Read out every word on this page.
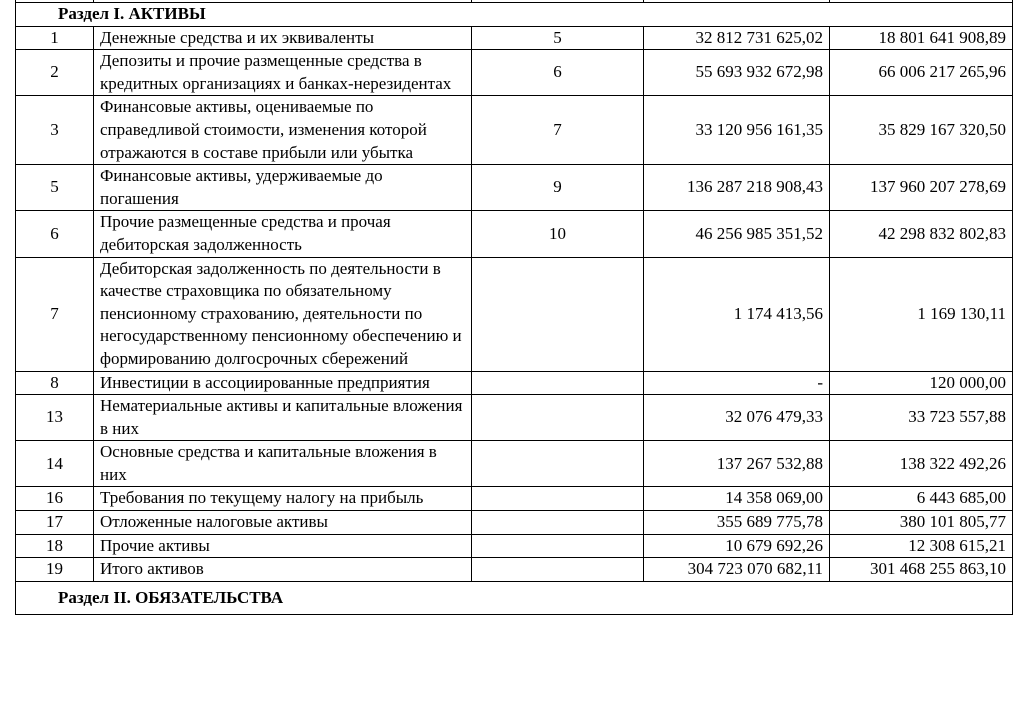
Раздел I. АКТИВЫ				
1	Денежные средства и их эквиваленты	5	32 812 731 625,02	18 801 641 908,89
2	Депозиты и прочие размещенные средства в кредитных организациях и банках-нерезидентах	6	55 693 932 672,98	66 006 217 265,96
3	Финансовые активы, оцениваемые по справедливой стоимости, изменения которой отражаются в составе прибыли или убытка	7	33 120 956 161,35	35 829 167 320,50
5	Финансовые активы, удерживаемые до погашения	9	136 287 218 908,43	137 960 207 278,69
6	Прочие размещенные средства и прочая дебиторская задолженность	10	46 256 985 351,52	42 298 832 802,83
7	Дебиторская задолженность по деятельности в качестве страховщика по обязательному пенсионному страхованию, деятельности по негосударственному пенсионному обеспечению и формированию долгосрочных сбережений		1 174 413,56	1 169 130,11
8	Инвестиции в ассоциированные предприятия		-	120 000,00
13	Нематериальные активы и капитальные вложения в них		32 076 479,33	33 723 557,88
14	Основные средства и капитальные вложения в них		137 267 532,88	138 322 492,26
16	Требования по текущему налогу на прибыль		14 358 069,00	6 443 685,00
17	Отложенные налоговые активы		355 689 775,78	380 101 805,77
18	Прочие активы		10 679 692,26	12 308 615,21
19	Итого активов		304 723 070 682,11	301 468 255 863,10
Раздел II. ОБЯЗАТЕЛЬСТВА				
